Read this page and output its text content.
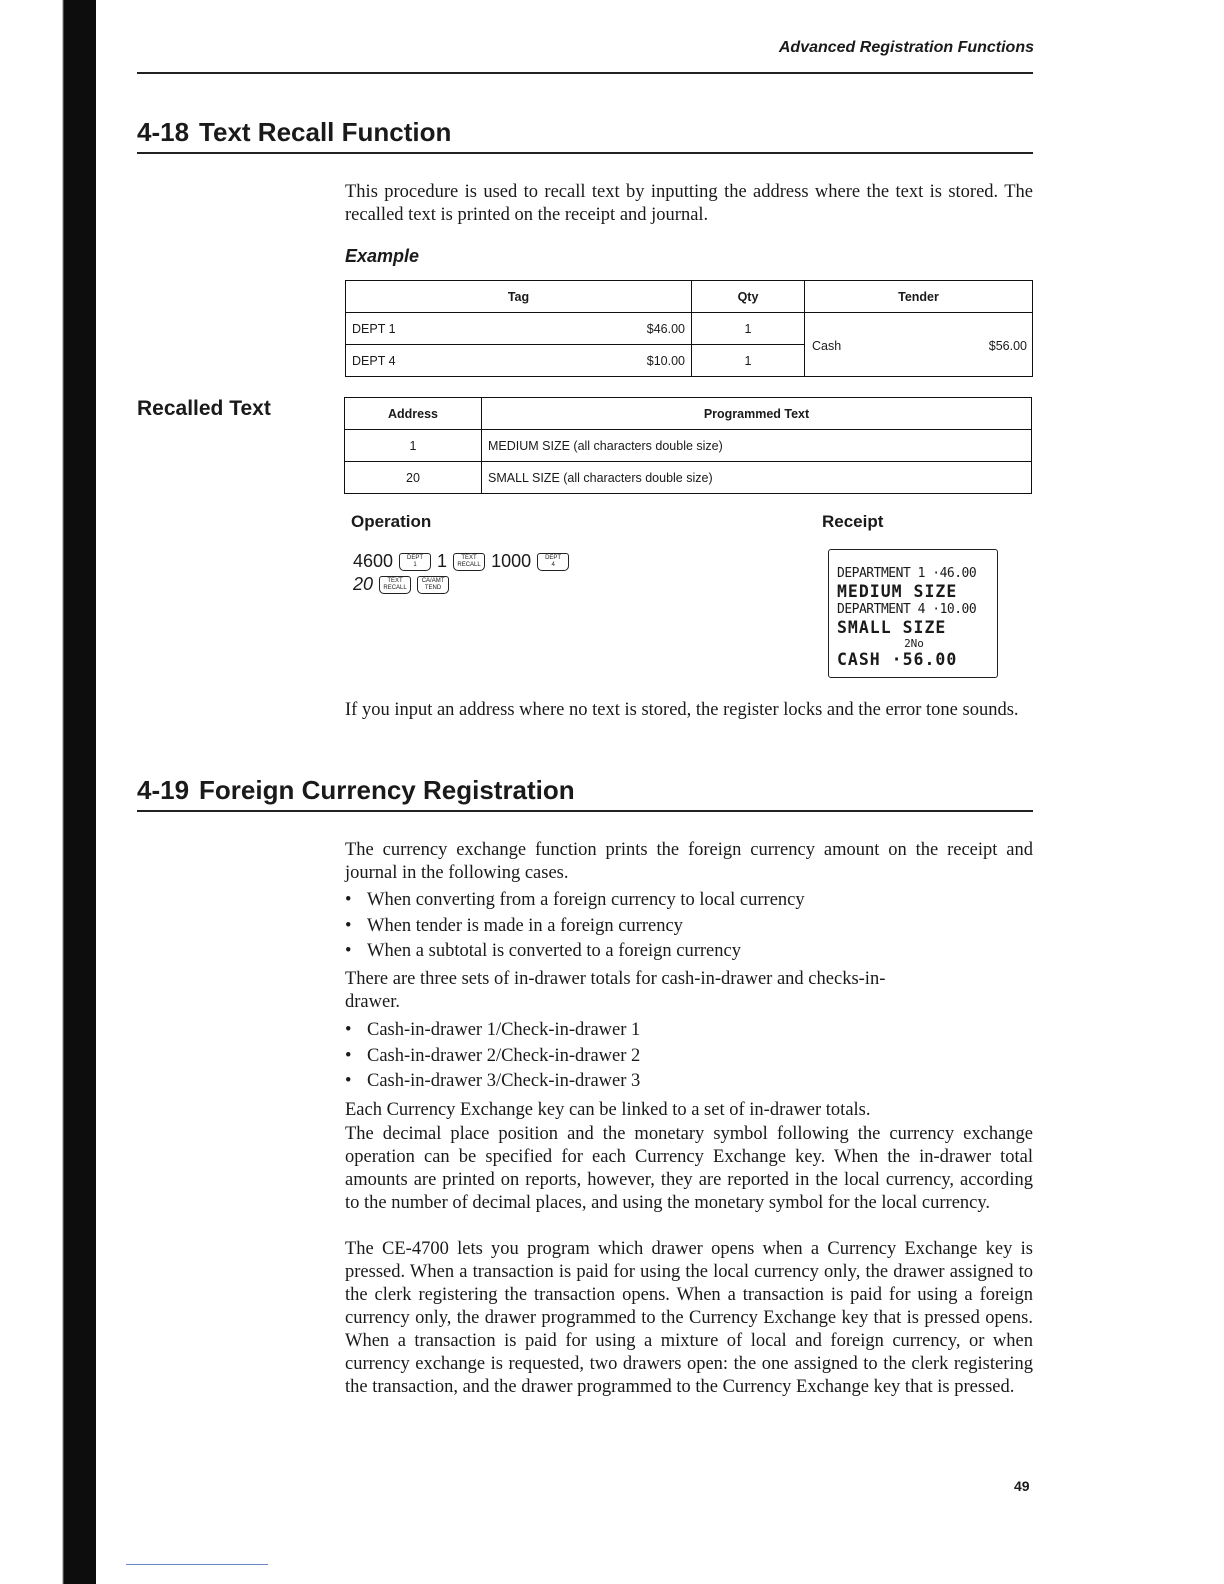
Advanced Registration Functions
4-18 Text Recall Function

This procedure is used to recall text by inputting the address where the text is stored. The recalled text is printed on the receipt and journal.

Example
Tag		Qty	Tender
DEPT 1	$46.00	1	Cash $56.00

DEPT 4	$10.00	1	
Recalled Text	Address	Programmed Text
1	MEDIUM SIZE (all characters double size)
20	SMALL SIZE (all characters double size)
Operation	Receipt
4600	DEPT
1	1	TEXT
RECALL 1000	DEPT
4
20	TEXT
RECALL
CA/AMT
TEND
DEPARTMENT 1 ·46.00
MEDIUM SIZE
DEPARTMENT 4 ·10.00
SMALL SIZE
2No
CASH ·56.00

If you input an address where no text is stored, the register locks and the error tone sounds.

4-19 Foreign Currency Registration

The currency exchange function prints the foreign currency amount on the receipt and journal in the following cases.

• When converting from a foreign currency to local currency
• When tender is made in a foreign currency
• When a subtotal is converted to a foreign currency

There are three sets of in-drawer totals for cash-in-drawer and checks-in-drawer.

• Cash-in-drawer 1/Check-in-drawer 1
• Cash-in-drawer 2/Check-in-drawer 2
• Cash-in-drawer 3/Check-in-drawer 3

Each Currency Exchange key can be linked to a set of in-drawer totals.

The decimal place position and the monetary symbol following the currency exchange operation can be specified for each Currency Exchange key. When the in-drawer total amounts are printed on reports, however, they are reported in the local currency, according to the number of decimal places, and using the monetary symbol for the local currency.

The CE-4700 lets you program which drawer opens when a Currency Exchange key is pressed. When a transaction is paid for using the local currency only, the drawer assigned to the clerk registering the transaction opens. When a transaction is paid for using a foreign currency only, the drawer programmed to the Currency Exchange key that is pressed opens. When a transaction is paid for using a mixture of local and foreign currency, or when currency exchange is requested, two drawers open: the one assigned to the clerk registering the transaction, and the drawer programmed to the Currency Exchange key that is pressed.

49
